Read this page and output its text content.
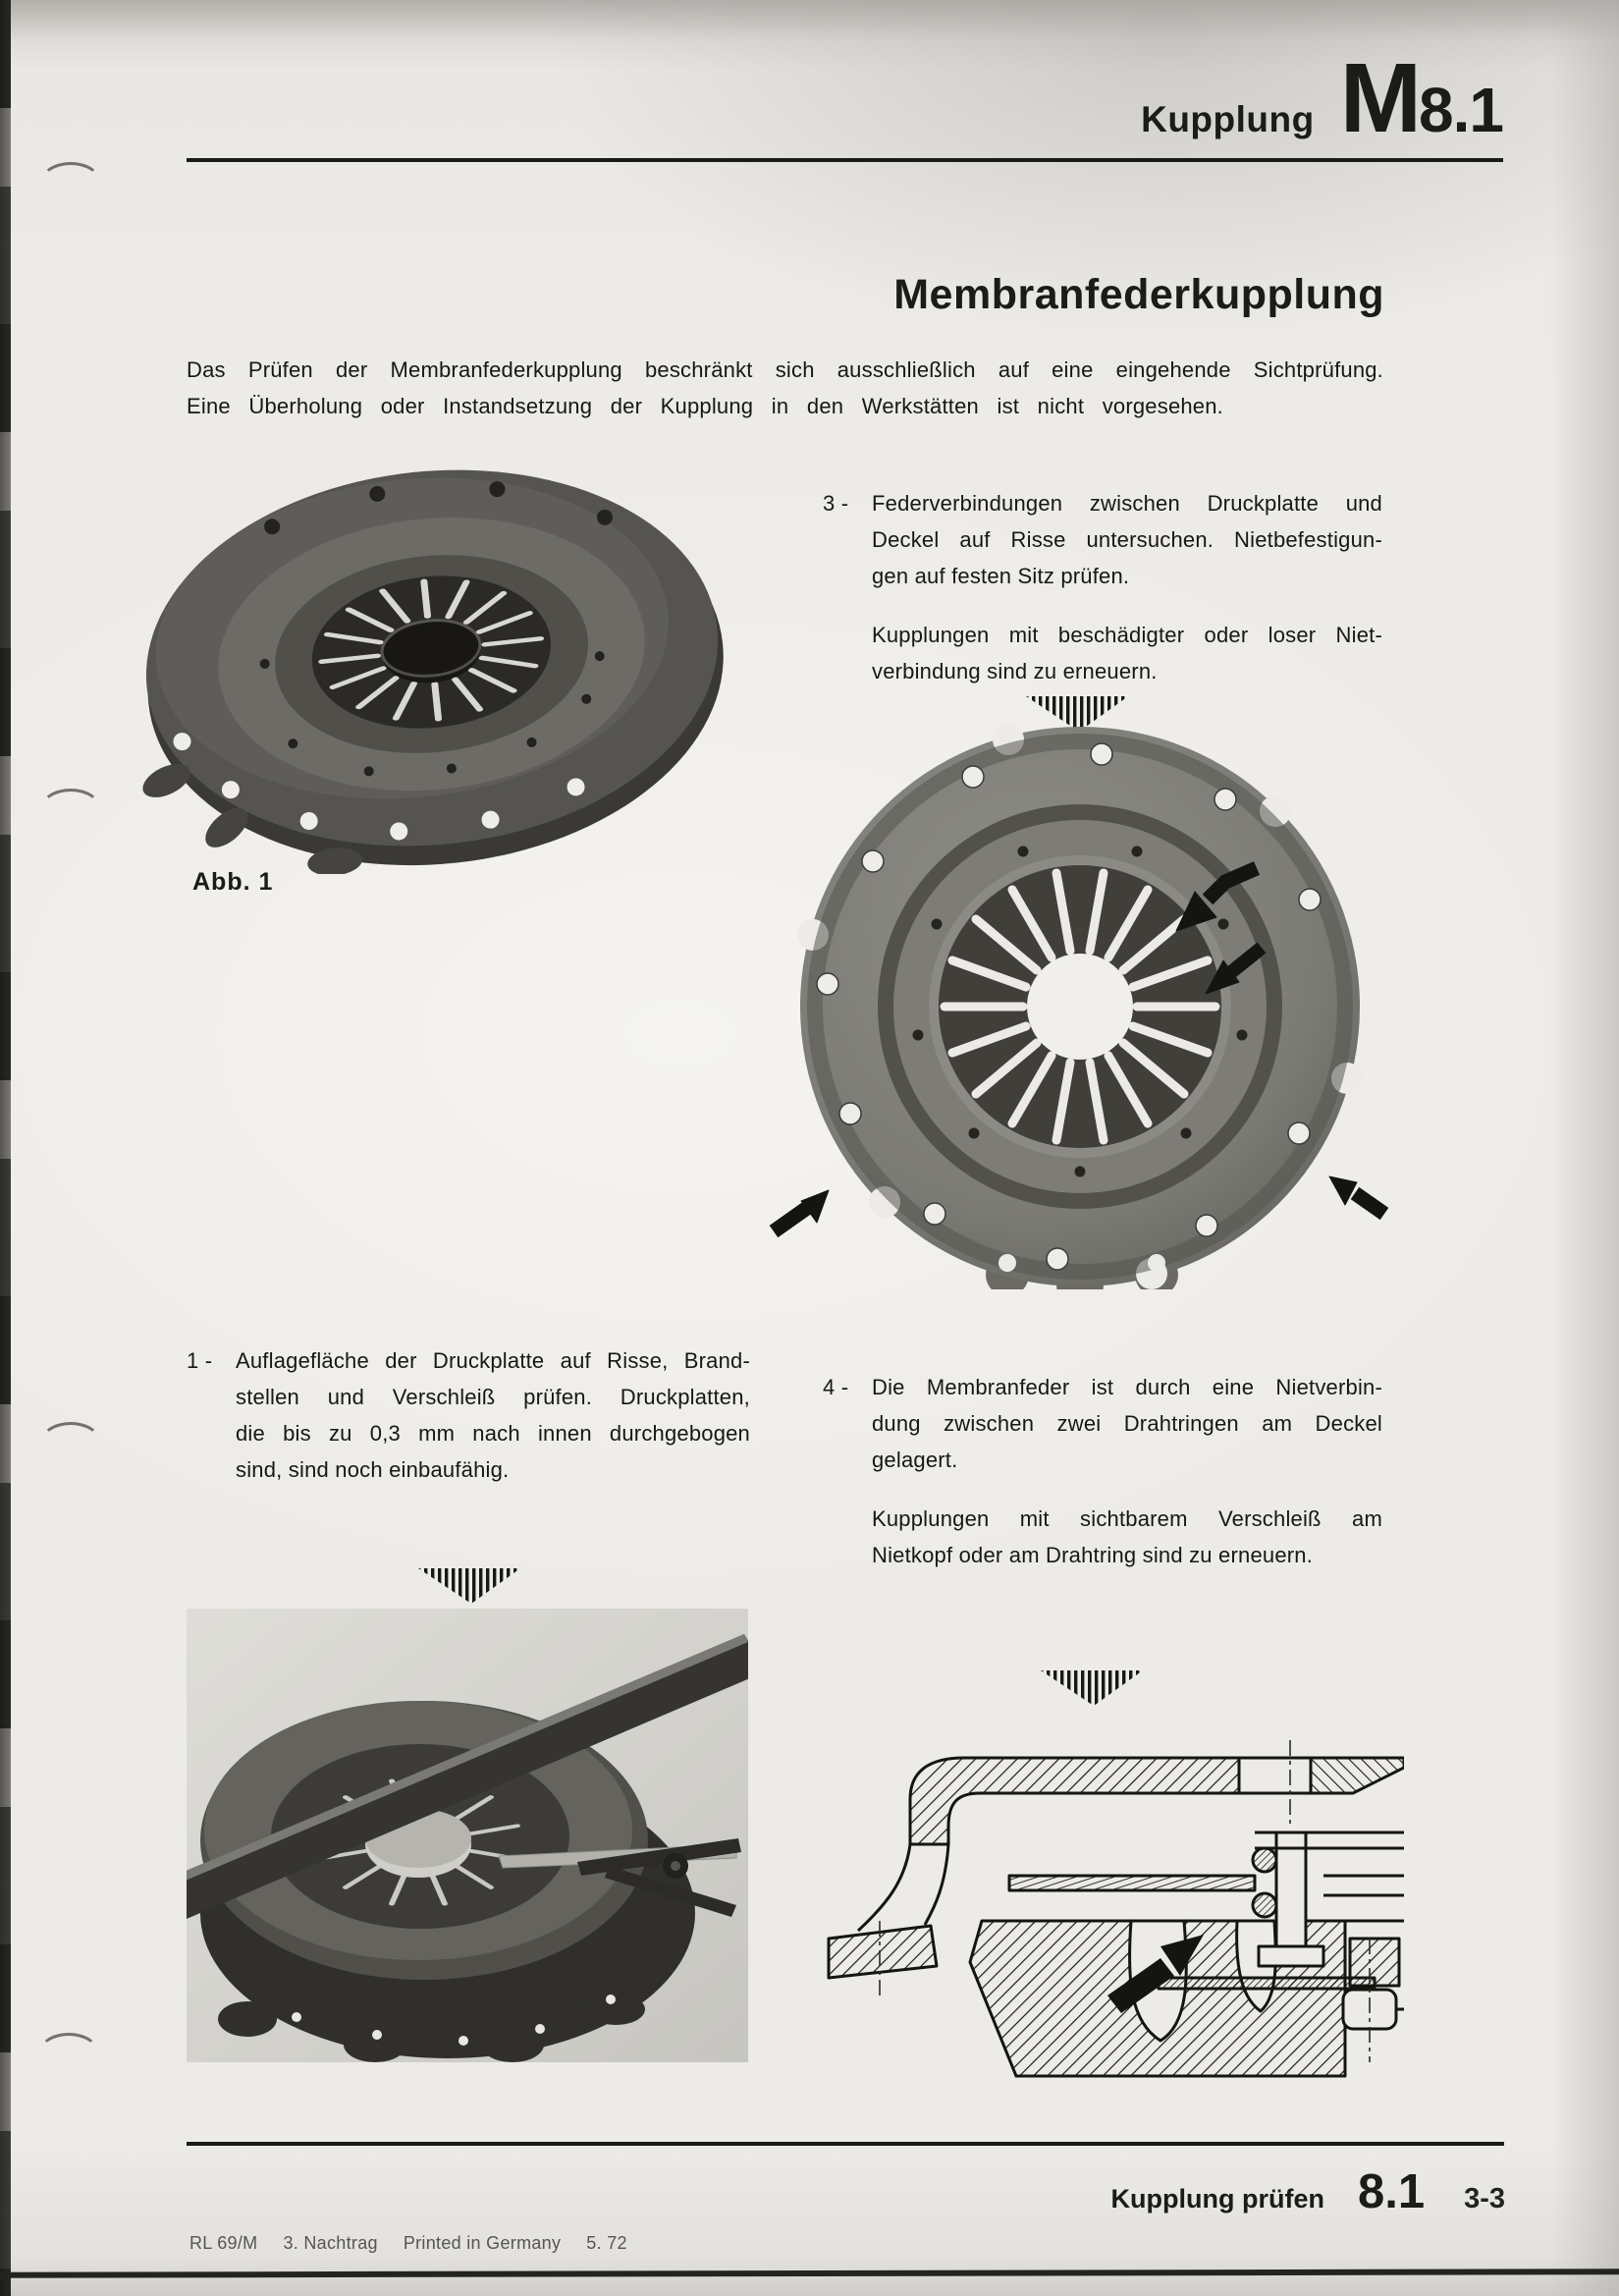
Kupplung M 8.1
Membranfederkupplung
Das Prüfen der Membranfederkupplung beschränkt sich ausschließlich auf eine eingehende Sichtprüfung.
Eine Überholung oder Instandsetzung der Kupplung in den Werkstätten ist nicht vorgesehen.
Abb. 1
3 -	Federverbindungen zwischen Druckplatte und
Deckel auf Risse untersuchen. Nietbefestigun-
gen auf festen Sitz prüfen.
Kupplungen mit beschädigter oder loser Niet-
verbindung sind zu erneuern.
1 -	Auflagefläche der Druckplatte auf Risse, Brand-
stellen und Verschleiß prüfen. Druckplatten,
die bis zu 0,3 mm nach innen durchgebogen
sind, sind noch einbaufähig.
4 -	Die Membranfeder ist durch eine Nietverbin-
dung zwischen zwei Drahtringen am Deckel
gelagert.
Kupplungen mit sichtbarem Verschleiß am
Nietkopf oder am Drahtring sind zu erneuern.
Kupplung prüfen 8.1 3-3
RL 69/M 3. Nachtrag Printed in Germany 5. 72
